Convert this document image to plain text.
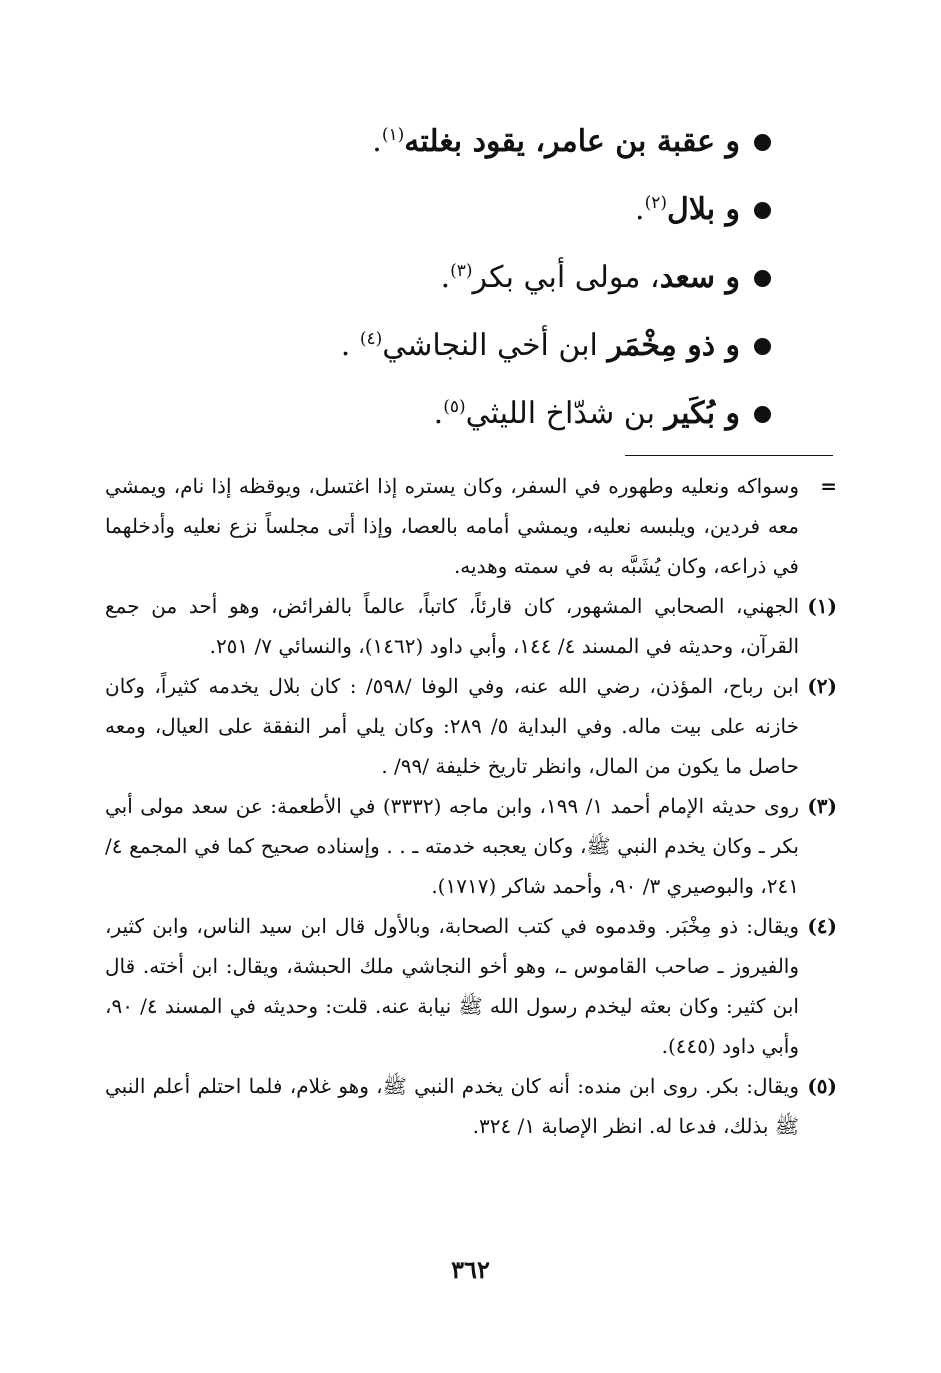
و عقبة بن عامر، يقود بغلته$^{(١)}$.
و بلال$^{(٢)}$.
و سعد، مولى أبي بكر$^{(٣)}$.
و ذو مِخْمَر ابن أخي النجاشي$^{(٤)}$ .
و بُكَير بن شدّاخ الليثي$^{(٥)}$.
=
وسواكه ونعليه وطهوره في السفر، وكان يستره إذا اغتسل، ويوقظه إذا نام، ويمشي معه فردين، ويلبسه نعليه، ويمشي أمامه بالعصا، وإذا أتى مجلساً نزع نعليه وأدخلهما في ذراعه، وكان يُشَبَّه به في سمته وهديه.
(١)
الجهني، الصحابي المشهور، كان قارئاً، كاتباً، عالماً بالفرائض، وهو أحد من جمع القرآن، وحديثه في المسند ٤/ ١٤٤، وأبي داود (١٤٦٢)، والنسائي ٧/ ٢٥١.
(٢)
ابن رباح، المؤذن، رضي الله عنه، وفي الوفا /٥٩٨/ : كان بلال يخدمه كثيراً، وكان خازنه على بيت ماله. وفي البداية ٥/ ٢٨٩: وكان يلي أمر النفقة على العيال، ومعه حاصل ما يكون من المال، وانظر تاريخ خليفة /٩٩/ .
(٣)
روى حديثه الإمام أحمد ١/ ١٩٩، وابن ماجه (٣٣٣٢) في الأطعمة: عن سعد مولى أبي بكر ـ وكان يخدم النبي ﷺ، وكان يعجبه خدمته ـ . . وإسناده صحيح كما في المجمع ٤/ ٢٤١، والبوصيري ٣/ ٩٠، وأحمد شاكر (١٧١٧).
(٤)
ويقال: ذو مِخْبَر. وقدموه في كتب الصحابة، وبالأول قال ابن سيد الناس، وابن كثير، والفيروز ـ صاحب القاموس ـ، وهو أخو النجاشي ملك الحبشة، ويقال: ابن أخته. قال ابن كثير: وكان بعثه ليخدم رسول الله ﷺ نيابة عنه. قلت: وحديثه في المسند ٤/ ٩٠، وأبي داود (٤٤٥).
(٥)
ويقال: بكر. روى ابن منده: أنه كان يخدم النبي ﷺ، وهو غلام، فلما احتلم أعلم النبي ﷺ بذلك، فدعا له. انظر الإصابة ١/ ٣٢٤.
٣٦٢
